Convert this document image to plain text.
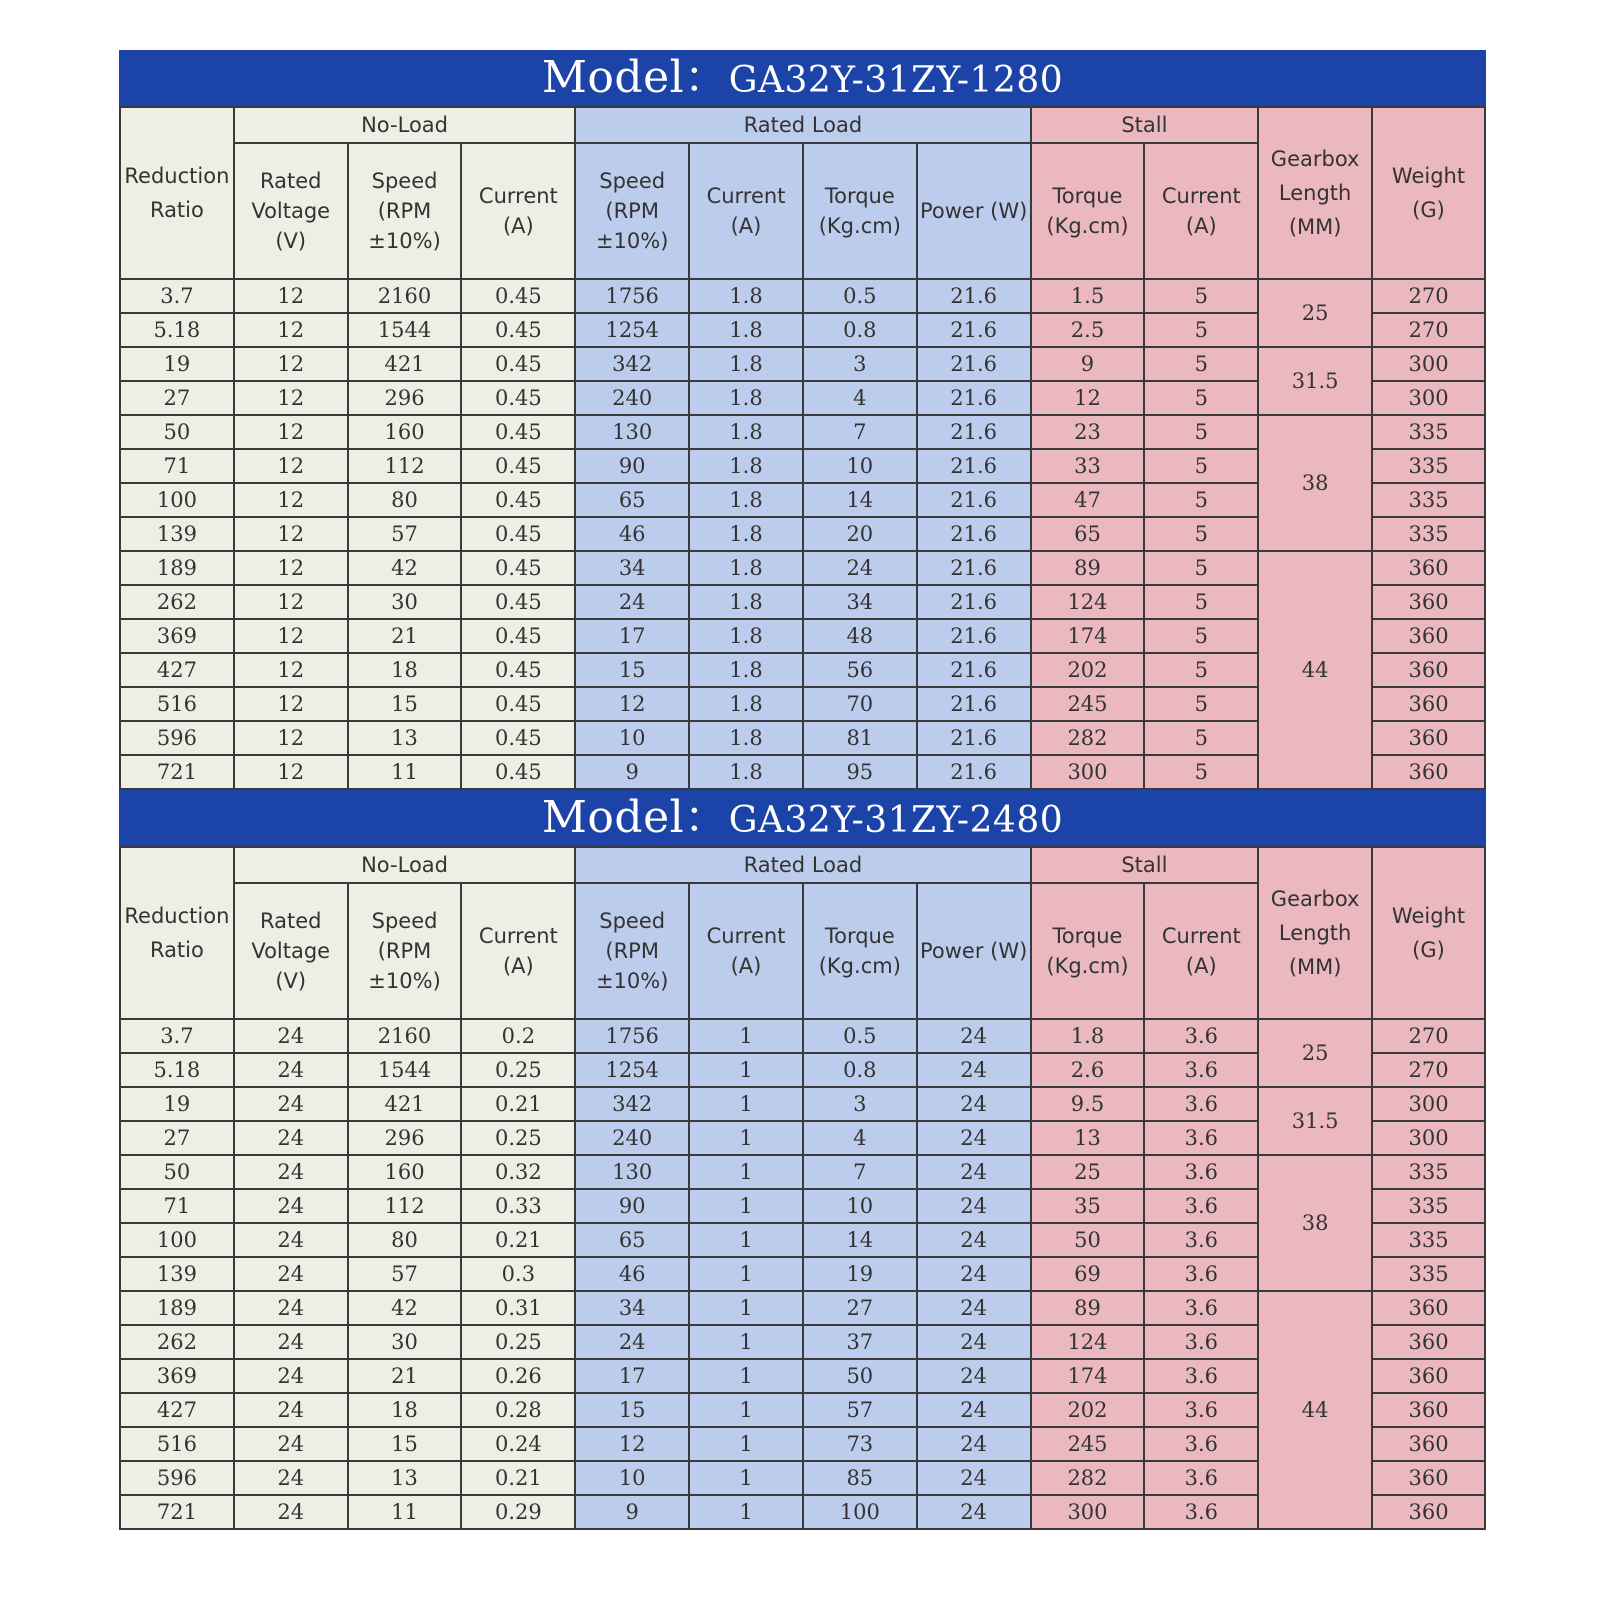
Model：GA32Y-31ZY-1280
Reduction Ratio	No-Load			Rated Load				Stall		Gearbox Length (MM)	Weight (G)
	Rated Voltage (V)	Speed (RPM ±10%)	Current (A)	Speed (RPM ±10%)	Current (A)	Torque (Kg.cm)	Power (W)	Torque (Kg.cm)	Current (A)		
3.7	12	2160	0.45	1756	1.8	0.5	21.6	1.5	5	25	270
5.18	12	1544	0.45	1254	1.8	0.8	21.6	2.5	5		270
19	12	421	0.45	342	1.8	3	21.6	9	5	31.5	300
27	12	296	0.45	240	1.8	4	21.6	12	5		300
50	12	160	0.45	130	1.8	7	21.6	23	5	38	335
71	12	112	0.45	90	1.8	10	21.6	33	5		335
100	12	80	0.45	65	1.8	14	21.6	47	5		335
139	12	57	0.45	46	1.8	20	21.6	65	5		335
189	12	42	0.45	34	1.8	24	21.6	89	5	44	360
262	12	30	0.45	24	1.8	34	21.6	124	5		360
369	12	21	0.45	17	1.8	48	21.6	174	5		360
427	12	18	0.45	15	1.8	56	21.6	202	5		360
516	12	15	0.45	12	1.8	70	21.6	245	5		360
596	12	13	0.45	10	1.8	81	21.6	282	5		360
721	12	11	0.45	9	1.8	95	21.6	300	5		360
Model：GA32Y-31ZY-2480
Reduction Ratio	No-Load			Rated Load				Stall		Gearbox Length (MM)	Weight (G)
	Rated Voltage (V)	Speed (RPM ±10%)	Current (A)	Speed (RPM ±10%)	Current (A)	Torque (Kg.cm)	Power (W)	Torque (Kg.cm)	Current (A)		
3.7	24	2160	0.2	1756	1	0.5	24	1.8	3.6	25	270
5.18	24	1544	0.25	1254	1	0.8	24	2.6	3.6		270
19	24	421	0.21	342	1	3	24	9.5	3.6	31.5	300
27	24	296	0.25	240	1	4	24	13	3.6		300
50	24	160	0.32	130	1	7	24	25	3.6	38	335
71	24	112	0.33	90	1	10	24	35	3.6		335
100	24	80	0.21	65	1	14	24	50	3.6		335
139	24	57	0.3	46	1	19	24	69	3.6		335
189	24	42	0.31	34	1	27	24	89	3.6	44	360
262	24	30	0.25	24	1	37	24	124	3.6		360
369	24	21	0.26	17	1	50	24	174	3.6		360
427	24	18	0.28	15	1	57	24	202	3.6		360
516	24	15	0.24	12	1	73	24	245	3.6		360
596	24	13	0.21	10	1	85	24	282	3.6		360
721	24	11	0.29	9	1	100	24	300	3.6		360
